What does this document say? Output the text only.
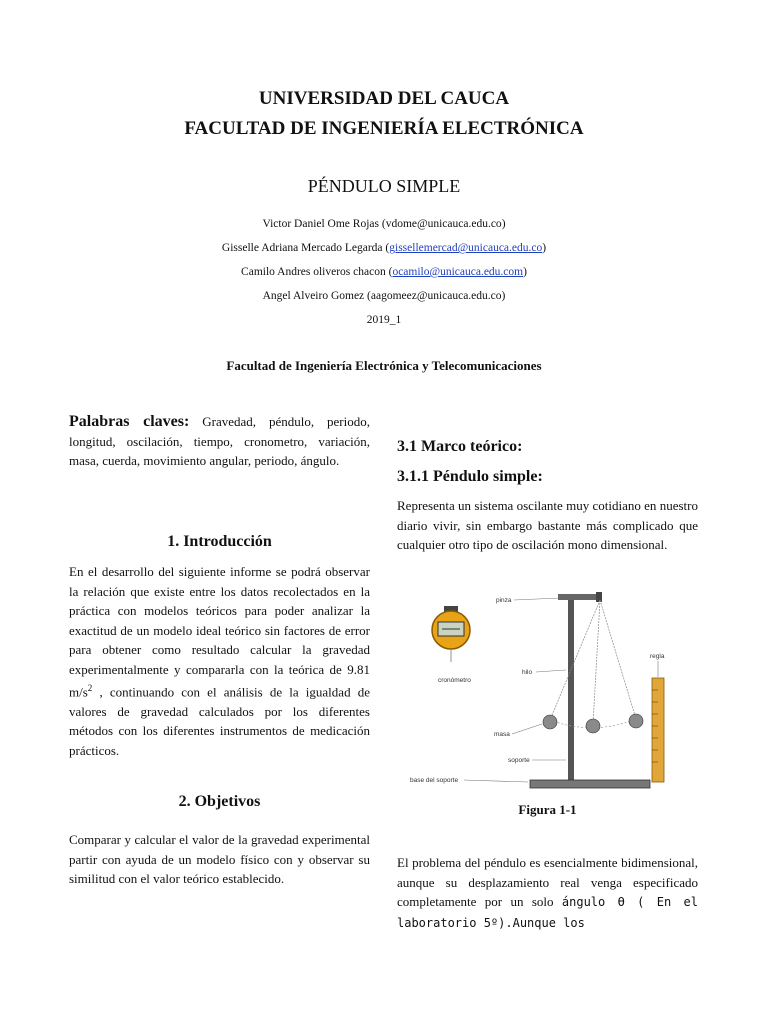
UNIVERSIDAD DEL CAUCA
FACULTAD DE INGENIERÍA ELECTRÓNICA
PÉNDULO SIMPLE
Victor Daniel Ome Rojas (vdome@unicauca.edu.co)
Gisselle Adriana Mercado Legarda (gissellemercad@unicauca.edu.co)
Camilo Andres oliveros chacon (ocamilo@unicauca.edu.com)
Angel Alveiro Gomez (aagomeez@unicauca.edu.co)
2019_1
Facultad de Ingeniería Electrónica y Telecomunicaciones
Palabras claves: Gravedad, péndulo, periodo, longitud, oscilación, tiempo, cronometro, variación, masa, cuerda, movimiento angular, periodo, ángulo.
1. Introducción
En el desarrollo del siguiente informe se podrá observar la relación que existe entre los datos recolectados en la práctica con modelos teóricos para poder analizar la exactitud de un modelo ideal teórico sin factores de error para obtener como resultado calcular la gravedad experimentalmente y compararla con la teórica de 9.81 $m/s^2$ , continuando con el análisis de la igualdad de valores de gravedad calculados por los diferentes métodos con los diferentes instrumentos de medicación prácticos.
2. Objetivos
Comparar y calcular el valor de la gravedad experimental partir con ayuda de un modelo físico con y observar su similitud con el valor teórico establecido.
3.1 Marco teórico:
3.1.1 Péndulo simple:
Representa un sistema oscilante muy cotidiano en nuestro diario vivir, sin embargo bastante más complicado que cualquier otro tipo de oscilación mono dimensional.
cronómetro
pinza
regla
hilo
masa
soporte
base del soporte
Figura 1-1
El problema del péndulo es esencialmente bidimensional, aunque su desplazamiento real venga especificado completamente por un solo ángulo ϴ ( En el laboratorio 5º).Aunque los
